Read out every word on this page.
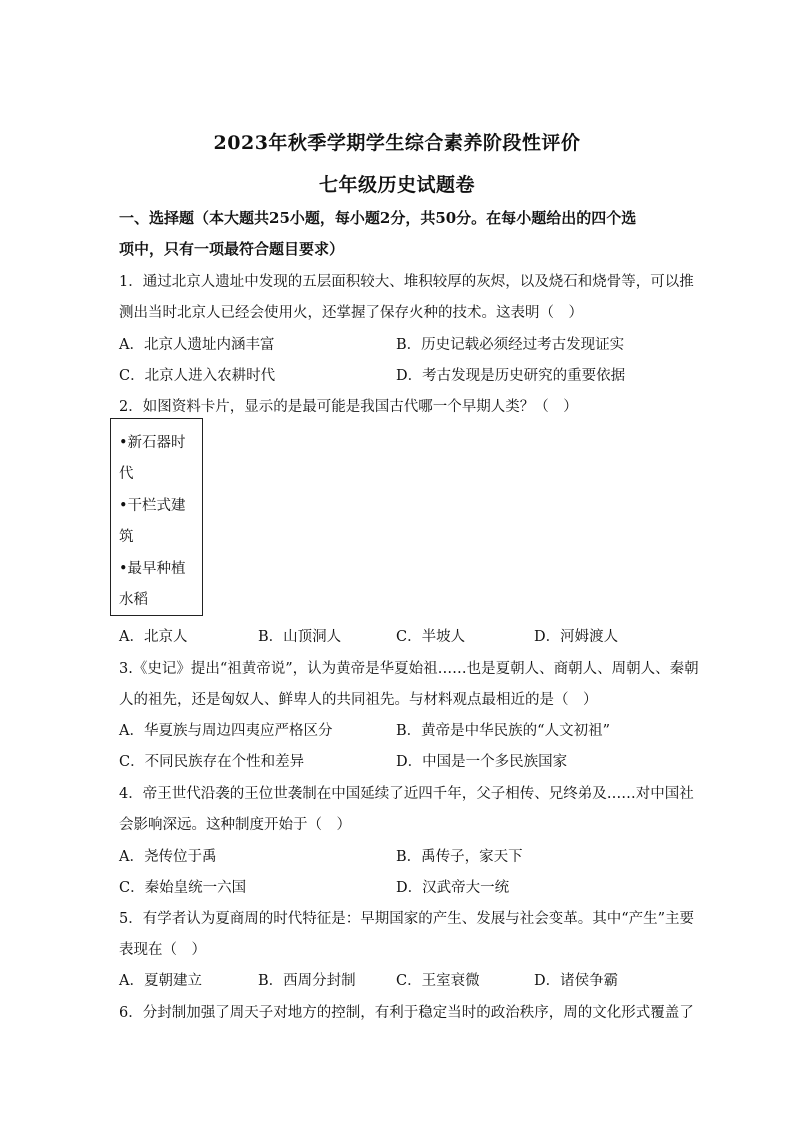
2023年秋季学期学生综合素养阶段性评价
七年级历史试题卷
一、选择题（本大题共25小题，每小题2分，共50分。在每小题给出的四个选
项中，只有一项最符合题目要求）
1．通过北京人遗址中发现的五层面积较大、堆积较厚的灰烬，以及烧石和烧骨等，可以推
测出当时北京人已经会使用火，还掌握了保存火种的技术。这表明（　）
A．北京人遗址内涵丰富	B．历史记载必须经过考古发现证实
C．北京人进入农耕时代	D．考古发现是历史研究的重要依据
2．如图资料卡片，显示的是最可能是我国古代哪一个早期人类？（　）
•新石器时
代
•干栏式建
筑
•最早种植
水稻
A．北京人	B．山顶洞人	C．半坡人	D．河姆渡人
3.《史记》提出“祖黄帝说”，认为黄帝是华夏始祖……也是夏朝人、商朝人、周朝人、秦朝
人的祖先，还是匈奴人、鲜卑人的共同祖先。与材料观点最相近的是（　）
A．华夏族与周边四夷应严格区分	B．黄帝是中华民族的“人文初祖”
C．不同民族存在个性和差异	D．中国是一个多民族国家
4．帝王世代沿袭的王位世袭制在中国延续了近四千年，父子相传、兄终弟及……对中国社
会影响深远。这种制度开始于（　）
A．尧传位于禹	B．禹传子，家天下
C．秦始皇统一六国	D．汉武帝大一统
5．有学者认为夏商周的时代特征是：早期国家的产生、发展与社会变革。其中“产生”主要
表现在（　）
A．夏朝建立	B．西周分封制	C．王室衰微	D．诸侯争霸
6．分封制加强了周天子对地方的控制，有利于稳定当时的政治秩序，周的文化形式覆盖了
